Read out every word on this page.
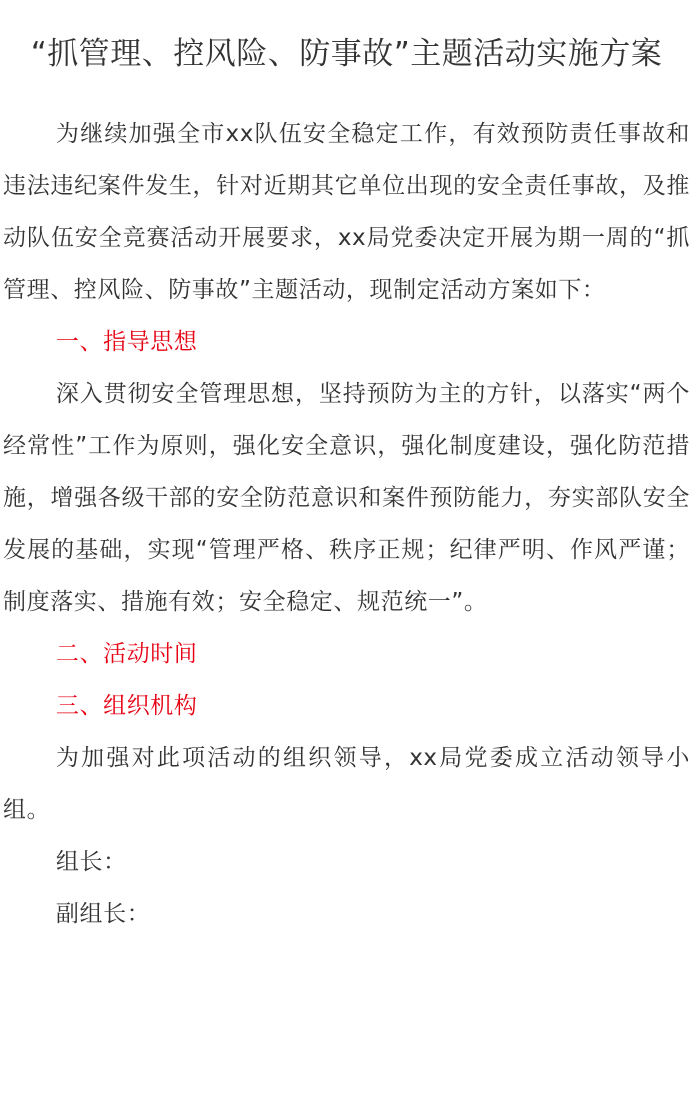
“抓管理、控风险、防事故”主题活动实施方案

为继续加强全市xx队伍安全稳定工作，有效预防责任事故和违法违纪案件发生，针对近期其它单位出现的安全责任事故，及推动队伍安全竞赛活动开展要求，xx局党委决定开展为期一周的“抓管理、控风险、防事故”主题活动，现制定活动方案如下：

一、指导思想

深入贯彻安全管理思想，坚持预防为主的方针，以落实“两个经常性”工作为原则，强化安全意识，强化制度建设，强化防范措施，增强各级干部的安全防范意识和案件预防能力，夯实部队安全发展的基础，实现“管理严格、秩序正规；纪律严明、作风严谨；制度落实、措施有效；安全稳定、规范统一”。

二、活动时间

三、组织机构

为加强对此项活动的组织领导，xx局党委成立活动领导小组。

组长：

副组长：
